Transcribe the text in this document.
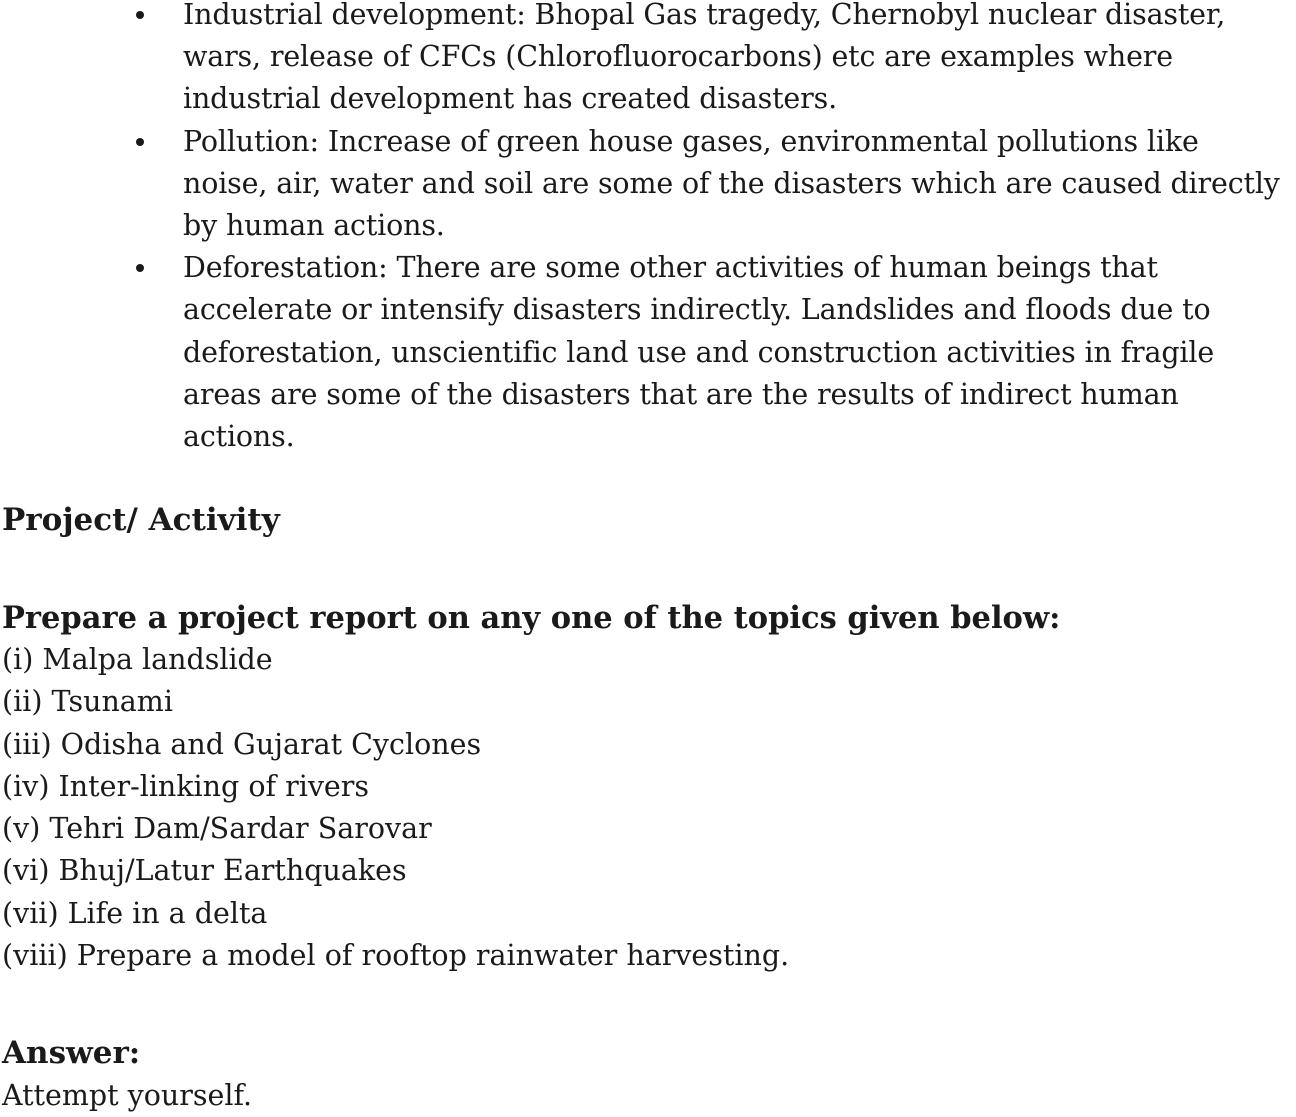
Industrial development: Bhopal Gas tragedy, Chernobyl nuclear disaster, wars, release of CFCs (Chlorofluorocarbons) etc are examples where industrial development has created disasters.
Pollution: Increase of green house gases, environmental pollutions like noise, air, water and soil are some of the disasters which are caused directly by human actions.
Deforestation: There are some other activities of human beings that accelerate or intensify disasters indirectly. Landslides and floods due to deforestation, unscientific land use and construction activities in fragile areas are some of the disasters that are the results of indirect human actions.
Project/ Activity

Prepare a project report on any one of the topics given below:

(i) Malpa landslide
(ii) Tsunami
(iii) Odisha and Gujarat Cyclones
(iv) Inter-linking of rivers
(v) Tehri Dam/Sardar Sarovar
(vi) Bhuj/Latur Earthquakes
(vii) Life in a delta
(viii) Prepare a model of rooftop rainwater harvesting.

Answer:

Attempt yourself.
